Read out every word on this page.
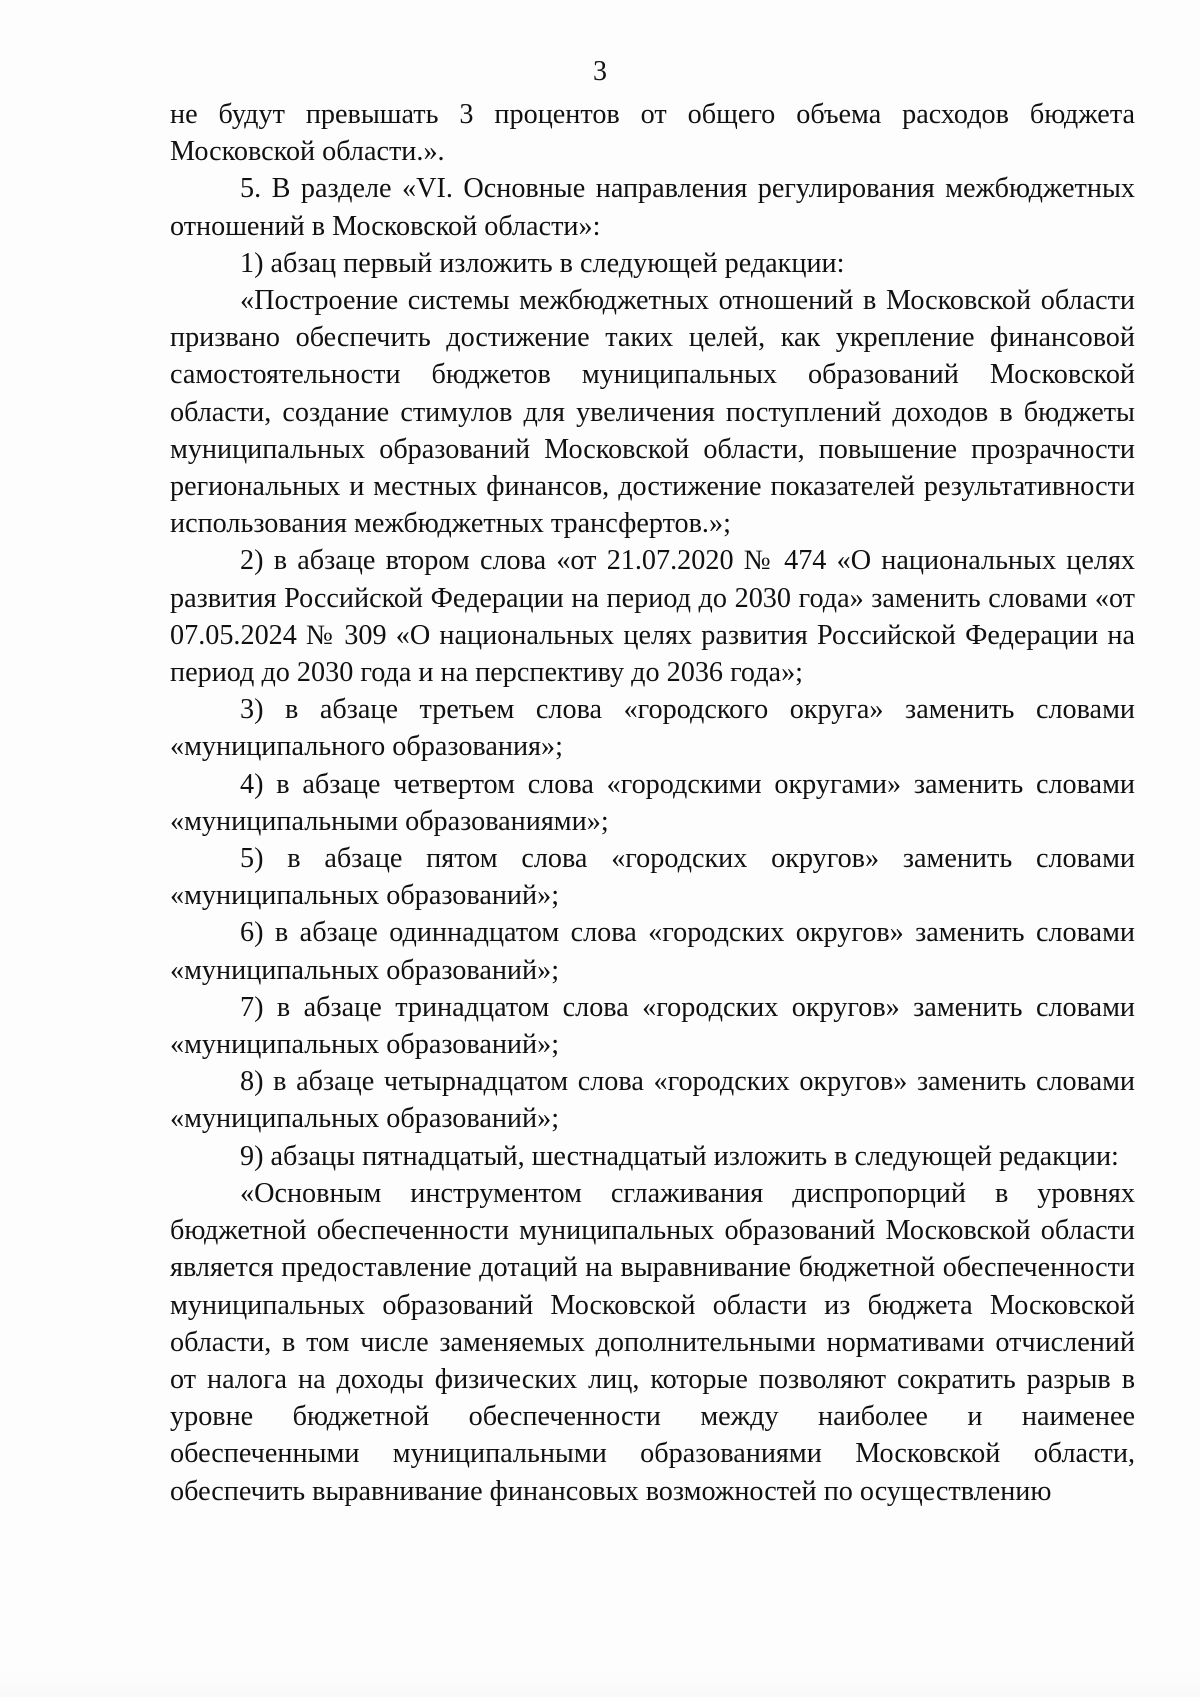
3

не будут превышать 3 процентов от общего объема расходов бюджета Московской области.».

5. В разделе «VI. Основные направления регулирования межбюджетных отношений в Московской области»:

1) абзац первый изложить в следующей редакции:

«Построение системы межбюджетных отношений в Московской области призвано обеспечить достижение таких целей, как укрепление финансовой самостоятельности бюджетов муниципальных образований Московской области, создание стимулов для увеличения поступлений доходов в бюджеты муниципальных образований Московской области, повышение прозрачности региональных и местных финансов, достижение показателей результативности использования межбюджетных трансфертов.»;

2) в абзаце втором слова «от 21.07.2020 № 474 «О национальных целях развития Российской Федерации на период до 2030 года» заменить словами «от 07.05.2024 № 309 «О национальных целях развития Российской Федерации на период до 2030 года и на перспективу до 2036 года»;

3) в абзаце третьем слова «городского округа» заменить словами «муниципального образования»;

4) в абзаце четвертом слова «городскими округами» заменить словами «муниципальными образованиями»;

5) в абзаце пятом слова «городских округов» заменить словами «муниципальных образований»;

6) в абзаце одиннадцатом слова «городских округов» заменить словами «муниципальных образований»;

7) в абзаце тринадцатом слова «городских округов» заменить словами «муниципальных образований»;

8) в абзаце четырнадцатом слова «городских округов» заменить словами «муниципальных образований»;

9) абзацы пятнадцатый, шестнадцатый изложить в следующей редакции:

«Основным инструментом сглаживания диспропорций в уровнях бюджетной обеспеченности муниципальных образований Московской области является предоставление дотаций на выравнивание бюджетной обеспеченности муниципальных образований Московской области из бюджета Московской области, в том числе заменяемых дополнительными нормативами отчислений от налога на доходы физических лиц, которые позволяют сократить разрыв в уровне бюджетной обеспеченности между наиболее и наименее обеспеченными муниципальными образованиями Московской области, обеспечить выравнивание финансовых возможностей по осуществлению
